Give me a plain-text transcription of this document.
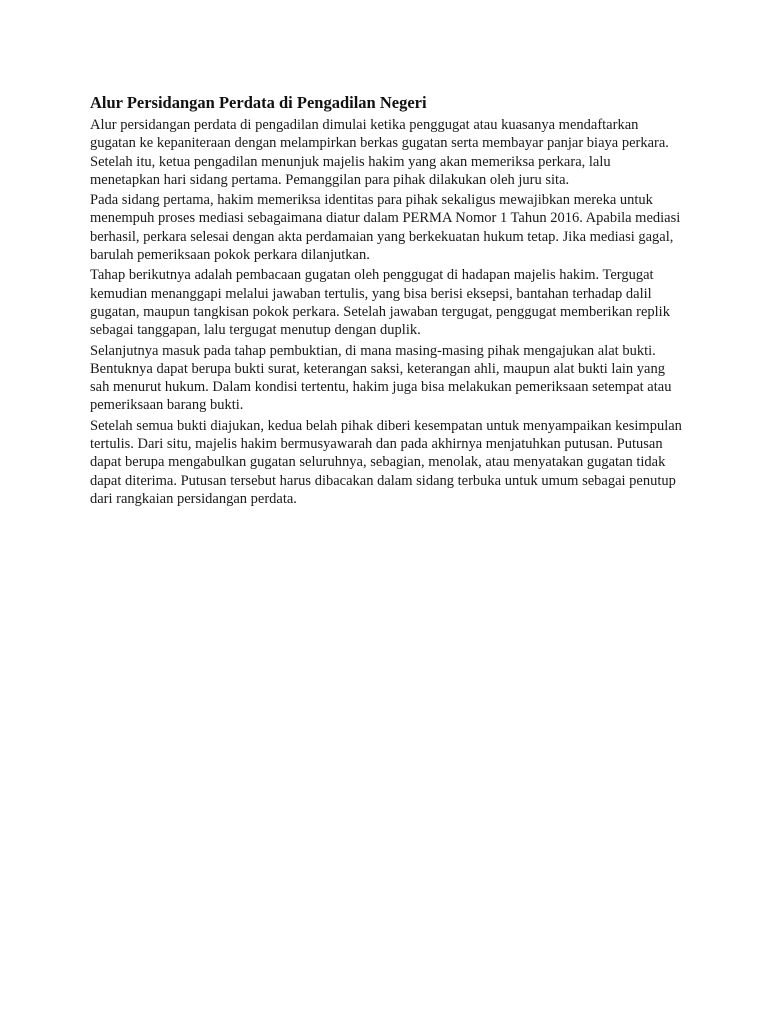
Alur Persidangan Perdata di Pengadilan Negeri

Alur persidangan perdata di pengadilan dimulai ketika penggugat atau kuasanya mendaftarkan gugatan ke kepaniteraan dengan melampirkan berkas gugatan serta membayar panjar biaya perkara. Setelah itu, ketua pengadilan menunjuk majelis hakim yang akan memeriksa perkara, lalu menetapkan hari sidang pertama. Pemanggilan para pihak dilakukan oleh juru sita.

Pada sidang pertama, hakim memeriksa identitas para pihak sekaligus mewajibkan mereka untuk menempuh proses mediasi sebagaimana diatur dalam PERMA Nomor 1 Tahun 2016. Apabila mediasi berhasil, perkara selesai dengan akta perdamaian yang berkekuatan hukum tetap. Jika mediasi gagal, barulah pemeriksaan pokok perkara dilanjutkan.

Tahap berikutnya adalah pembacaan gugatan oleh penggugat di hadapan majelis hakim. Tergugat kemudian menanggapi melalui jawaban tertulis, yang bisa berisi eksepsi, bantahan terhadap dalil gugatan, maupun tangkisan pokok perkara. Setelah jawaban tergugat, penggugat memberikan replik sebagai tanggapan, lalu tergugat menutup dengan duplik.

Selanjutnya masuk pada tahap pembuktian, di mana masing-masing pihak mengajukan alat bukti. Bentuknya dapat berupa bukti surat, keterangan saksi, keterangan ahli, maupun alat bukti lain yang sah menurut hukum. Dalam kondisi tertentu, hakim juga bisa melakukan pemeriksaan setempat atau pemeriksaan barang bukti.

Setelah semua bukti diajukan, kedua belah pihak diberi kesempatan untuk menyampaikan kesimpulan tertulis. Dari situ, majelis hakim bermusyawarah dan pada akhirnya menjatuhkan putusan. Putusan dapat berupa mengabulkan gugatan seluruhnya, sebagian, menolak, atau menyatakan gugatan tidak dapat diterima. Putusan tersebut harus dibacakan dalam sidang terbuka untuk umum sebagai penutup dari rangkaian persidangan perdata.
